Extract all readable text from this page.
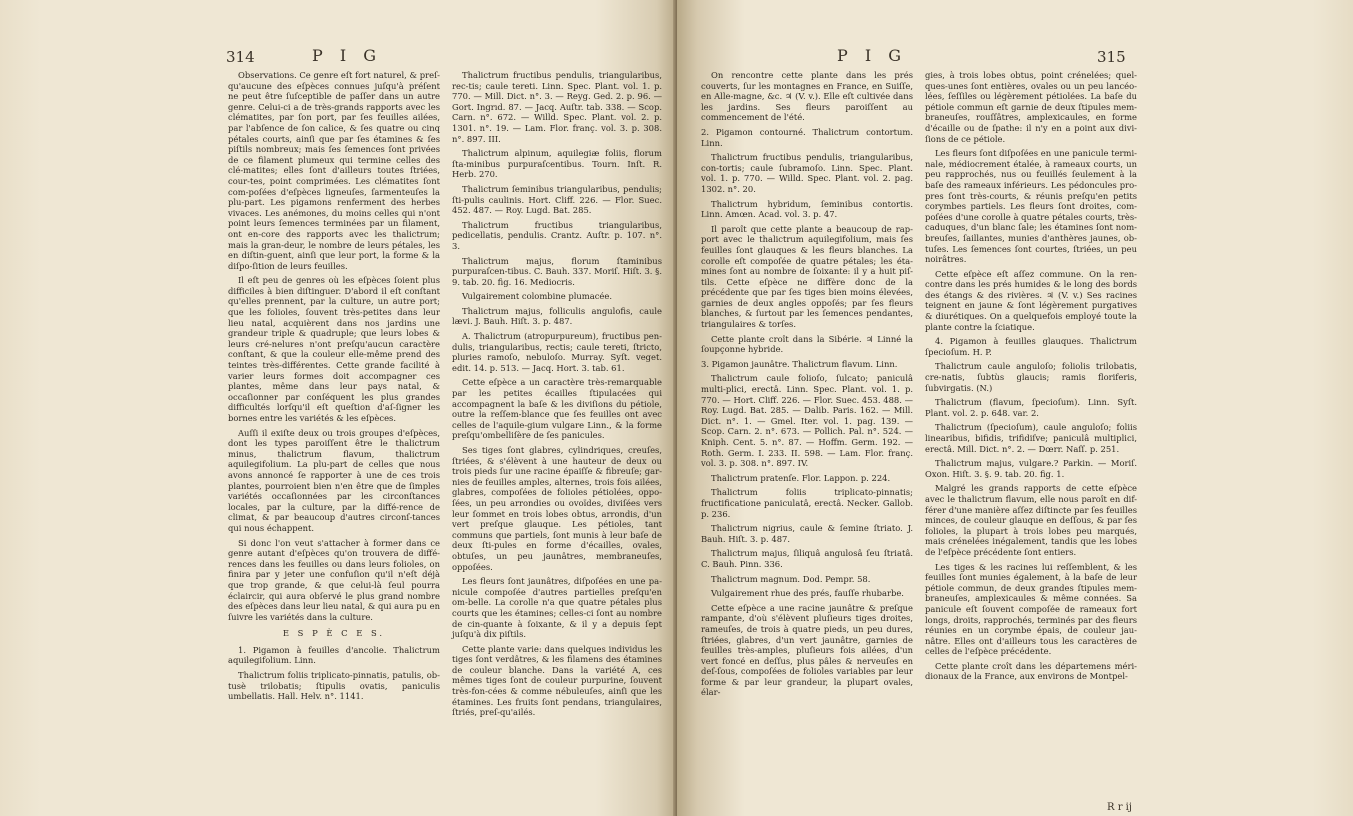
314	P I G

Observations. Ce genre eſt fort naturel, & preſ-qu'aucune des eſpèces connues juſqu'à préſent ne peut être ſuſceptible de paſſer dans un autre genre. Celui-ci a de très-grands rapports avec les clématites, par ſon port, par ſes feuilles ailées, par l'abſence de ſon calice, & ſes quatre ou cinq pétales courts, ainſi que par ſes étamines & ſes piſtils nombreux; mais ſes ſemences ſont privées de ce filament plumeux qui termine celles des clé-matites; elles ſont d'ailleurs toutes ſtriées, cour-tes, point comprimées. Les clématites ſont com-poſées d'eſpèces ligneuſes, ſarmenteuſes la plu-part. Les pigamons renferment des herbes vivaces. Les anémones, du moins celles qui n'ont point leurs ſemences terminées par un filament, ont en-core des rapports avec les thalictrum; mais la gran-deur, le nombre de leurs pétales, les en diſtin-guent, ainſi que leur port, la forme & la diſpo-ſition de leurs feuilles.

Il eſt peu de genres où les eſpèces ſoient plus difficiles à bien diſtinguer. D'abord il eſt conſtant qu'elles prennent, par la culture, un autre port; que les folioles, ſouvent très-petites dans leur lieu natal, acquièrent dans nos jardins une grandeur triple & quadruple; que leurs lobes & leurs cré-nelures n'ont preſqu'aucun caractère conſtant, & que la couleur elle-même prend des teintes très-différentes. Cette grande facilité à varier leurs formes doit accompagner ces plantes, même dans leur pays natal, & occaſionner par conſéquent les plus grandes difficultés lorſqu'il eſt queſtion d'aſ-ſigner les bornes entre les variétés & les eſpèces.

Auſſi il exiſte deux ou trois groupes d'eſpèces, dont les types paroiſſent être le thalictrum minus, thalictrum flavum, thalictrum aquilegifolium. La plu-part de celles que nous avons annoncé ſe rapporter à une de ces trois plantes, pourroient bien n'en être que de ſimples variétés occaſionnées par les circonſtances locales, par la culture, par la diffé-rence de climat, & par beaucoup d'autres circonſ-tances qui nous échappent.

Si donc l'on veut s'attacher à former dans ce genre autant d'eſpèces qu'on trouvera de diffé-rences dans les feuilles ou dans leurs folioles, on finira par y jeter une confuſion qu'il n'eſt déjà que trop grande, & que celui-là ſeul pourra éclaircir, qui aura obſervé le plus grand nombre des eſpèces dans leur lieu natal, & qui aura pu en ſuivre les variétés dans la culture.

E S P È C E S.

1. Pigamon à feuilles d'ancolie. Thalictrum aquilegifolium. Linn.

Thalictrum foliis triplicato-pinnatis, patulis, ob-tusè trilobatis; ſtipulis ovatis, paniculis umbellatis. Hall. Helv. n°. 1141.

Thalictrum fructibus pendulis, triangularibus, rec-tis; caule tereti. Linn. Spec. Plant. vol. 1. p. 770. — Mill. Dict. n°. 3. — Reyg. Ged. 2. p. 96. — Gort. Ingrıd. 87. — Jacq. Auſtr. tab. 338. — Scop. Carn. n°. 672. — Willd. Spec. Plant. vol. 2. p. 1301. n°. 19. — Lam. Flor. franç. vol. 3. p. 308. n°. 897. III.

Thalictrum alpinum, aquilegiæ foliis, florum ſta-minibus purpuraſcentibus. Tourn. Inſt. R. Herb. 270.

Thalictrum ſeminibus triangularibus, pendulis; ſti-pulis caulinis. Hort. Cliff. 226. — Flor. Suec. 452. 487. — Roy. Lugd. Bat. 285.

Thalictrum fructibus triangularibus, pedicellatis, pendulis. Crantz. Auſtr. p. 107. n°. 3.

Thalictrum majus, florum ſtaminibus purpuraſcen-tibus. C. Bauh. 337. Moriſ. Hiſt. 3. §. 9. tab. 20. fig. 16. Mediocris.

Vulgairement colombine plumacée.

Thalictrum majus, folliculis angulofis, caule lævi. J. Bauh. Hiſt. 3. p. 487.

A. Thalictrum (atropurpureum), fructibus pen-dulis, triangularibus, rectis; caule tereti, ſtricto, pluries ramoſo, nebuloſo. Murray. Syſt. veget. edit. 14. p. 513. — Jacq. Hort. 3. tab. 61.

Cette eſpèce a un caractère très-remarquable par les petites écailles ſtipulacées qui accompagnent la baſe & les diviſions du pétiole, outre la reſſem-blance que ſes feuilles ont avec celles de l'aquile-gium vulgare Linn., & la forme preſqu'ombelliſère de ſes panicules.

Ses tiges ſont glabres, cylindriques, creuſes, ſtriées, & s'élèvent à une hauteur de deux ou trois pieds ſur une racine épaiſſe & fibreuſe; gar-nies de feuilles amples, alternes, trois fois ailées, glabres, compoſées de folioles pétiolées, oppo-ſées, un peu arrondies ou ovoïdes, diviſées vers leur ſommet en trois lobes obtus, arrondis, d'un vert preſque glauque. Les pétioles, tant communs que partiels, ſont munis à leur baſe de deux ſti-pules en forme d'écailles, ovales, obtuſes, un peu jaunâtres, membraneuſes, oppoſées.

Les fleurs ſont jaunâtres, diſpoſées en une pa-nicule compoſée d'autres partielles preſqu'en om-belle. La corolle n'a que quatre pétales plus courts que les étamines; celles-ci ſont au nombre de cin-quante à ſoixante, & il y a depuis ſept juſqu'à dix piſtils.

Cette plante varie: dans quelques individus les tiges ſont verdâtres, & les filamens des étamines de couleur blanche. Dans la variété A, ces mêmes tiges ſont de couleur purpurine, ſouvent très-fon-cées & comme nébuleuſes, ainſi que les étamines. Les fruits ſont pendans, triangulaires, ſtriés, preſ-qu'ailés.

P I G	315

On rencontre cette plante dans les prés couverts, ſur les montagnes en France, en Suiſſe, en Alle-magne, &c. ♃ (V. v.). Elle eſt cultivée dans les jardins. Ses fleurs paroiſſent au commencement de l'été.

2. Pigamon contourné. Thalictrum contortum. Linn.

Thalictrum fructibus pendulis, triangularibus, con-tortis; caule ſubramoſo. Linn. Spec. Plant. vol. 1. p. 770. — Willd. Spec. Plant. vol. 2. pag. 1302. n°. 20.

Thalictrum hybridum, ſeminibus contortis. Linn. Amœn. Acad. vol. 3. p. 47.

Il paroît que cette plante a beaucoup de rap-port avec le thalictrum aquilegifolium, mais ſes feuilles ſont glauques & les fleurs blanches. La corolle eſt compoſée de quatre pétales; les éta-mines ſont au nombre de ſoixante: il y a huit piſ-tils. Cette eſpèce ne diffère donc de la précédente que par ſes tiges bien moins élevées, garnies de deux angles oppoſés; par ſes fleurs blanches, & ſurtout par les ſemences pendantes, triangulaires & torſes.

Cette plante croît dans la Sibérie. ♃ Linné la ſoupçonne hybride.

3. Pigamon jaunâtre. Thalictrum flavum. Linn.

Thalictrum caule folioſo, ſulcato; paniculâ multi-plici, erectâ. Linn. Spec. Plant. vol. 1. p. 770. — Hort. Cliff. 226. — Flor. Suec. 453. 488. — Roy. Lugd. Bat. 285. — Dalib. Paris. 162. — Mill. Dict. n°. 1. — Gmel. Iter. vol. 1. pag. 139. — Scop. Carn. 2. n°. 673. — Pollich. Pal. n°. 524. — Kniph. Cent. 5. n°. 87. — Hoffm. Germ. 192. — Roth. Germ. I. 233. II. 598. — Lam. Flor. franç. vol. 3. p. 308. n°. 897. IV.

Thalictrum pratenſe. Flor. Lappon. p. 224.

Thalictrum foliis triplicato-pinnatis; fructificatione paniculatâ, erectâ. Necker. Gallob. p. 236.

Thalictrum nigrius, caule & ſemine ſtriato. J. Bauh. Hiſt. 3. p. 487.

Thalictrum majus, ſiliquâ angulosâ ſeu ſtriatâ. C. Bauh. Pinn. 336.

Thalictrum magnum. Dod. Pempr. 58.

Vulgairement rhue des prés, fauſſe rhubarbe.

Cette eſpèce a une racine jaunâtre & preſque rampante, d'où s'élèvent pluſieurs tiges droites, rameuſes, de trois à quatre pieds, un peu dures, ſtriées, glabres, d'un vert jaunâtre, garnies de feuilles très-amples, pluſieurs fois ailées, d'un vert foncé en deſſus, plus pâles & nerveuſes en deſ-ſous, compoſées de folioles variables par leur forme & par leur grandeur, la plupart ovales, élar-

gies, à trois lobes obtus, point crénelées; quel-ques-unes ſont entières, ovales ou un peu lancéo-lées, ſeſſiles ou légèrement pétiolées. La baſe du pétiole commun eſt garnie de deux ſtipules mem-braneuſes, rouſſâtres, amplexicaules, en forme d'écaille ou de ſpathe: il n'y en a point aux divi-ſions de ce pétiole.

Les fleurs ſont diſpoſées en une panicule termi-nale, médiocrement étalée, à rameaux courts, un peu rapprochés, nus ou feuillés ſeulement à la baſe des rameaux inférieurs. Les pédoncules pro-pres ſont très-courts, & réunis preſqu'en petits corymbes partiels. Les fleurs ſont droites, com-poſées d'une corolle à quatre pétales courts, très-caduques, d'un blanc ſale; les étamines ſont nom-breuſes, ſaillantes, munies d'anthères jaunes, ob-tuſes. Les ſemences ſont courtes, ſtriées, un peu noirâtres.

Cette eſpèce eſt aſſez commune. On la ren-contre dans les prés humides & le long des bords des étangs & des rivières. ♃ (V. v.) Ses racines teignent en jaune & ſont légèrement purgatives & diurétiques. On a quelquefois employé toute la plante contre la ſciatique.

4. Pigamon à feuilles glauques. Thalictrum ſpecioſum. H. P.

Thalictrum caule anguloſo; foliolis trilobatis, cre-natis, ſubtùs glaucis; ramis floriferis, ſubvirgatis. (N.)

Thalictrum (flavum, ſpecioſum). Linn. Syſt. Plant. vol. 2. p. 648. var. 2.

Thalictrum (ſpecioſum), caule anguloſo; foliis linearibus, bifidis, trifidiſve; paniculâ multiplici, erectâ. Mill. Dict. n°. 2. — Dœrr. Naſſ. p. 251.

Thalictrum majus, vulgare.? Parkin. — Moriſ. Oxon. Hiſt. 3. §. 9. tab. 20. fig. 1.

Malgré les grands rapports de cette eſpèce avec le thalictrum flavum, elle nous paroît en dif-férer d'une manière aſſez diſtincte par ſes feuilles minces, de couleur glauque en deſſous, & par ſes folioles, la plupart à trois lobes peu marqués, mais crénelées inégalement, tandis que les lobes de l'eſpèce précédente ſont entiers.

Les tiges & les racines lui reſſemblent, & les feuilles ſont munies également, à la baſe de leur pétiole commun, de deux grandes ſtipules mem-braneuſes, amplexicaules & même connées. Sa panicule eſt ſouvent compoſée de rameaux fort longs, droits, rapprochés, terminés par des fleurs réunies en un corymbe épais, de couleur jau-nâtre. Elles ont d'ailleurs tous les caractères de celles de l'eſpèce précédente.

Cette plante croît dans les départemens méri-dionaux de la France, aux environs de Montpel-

R r ij
